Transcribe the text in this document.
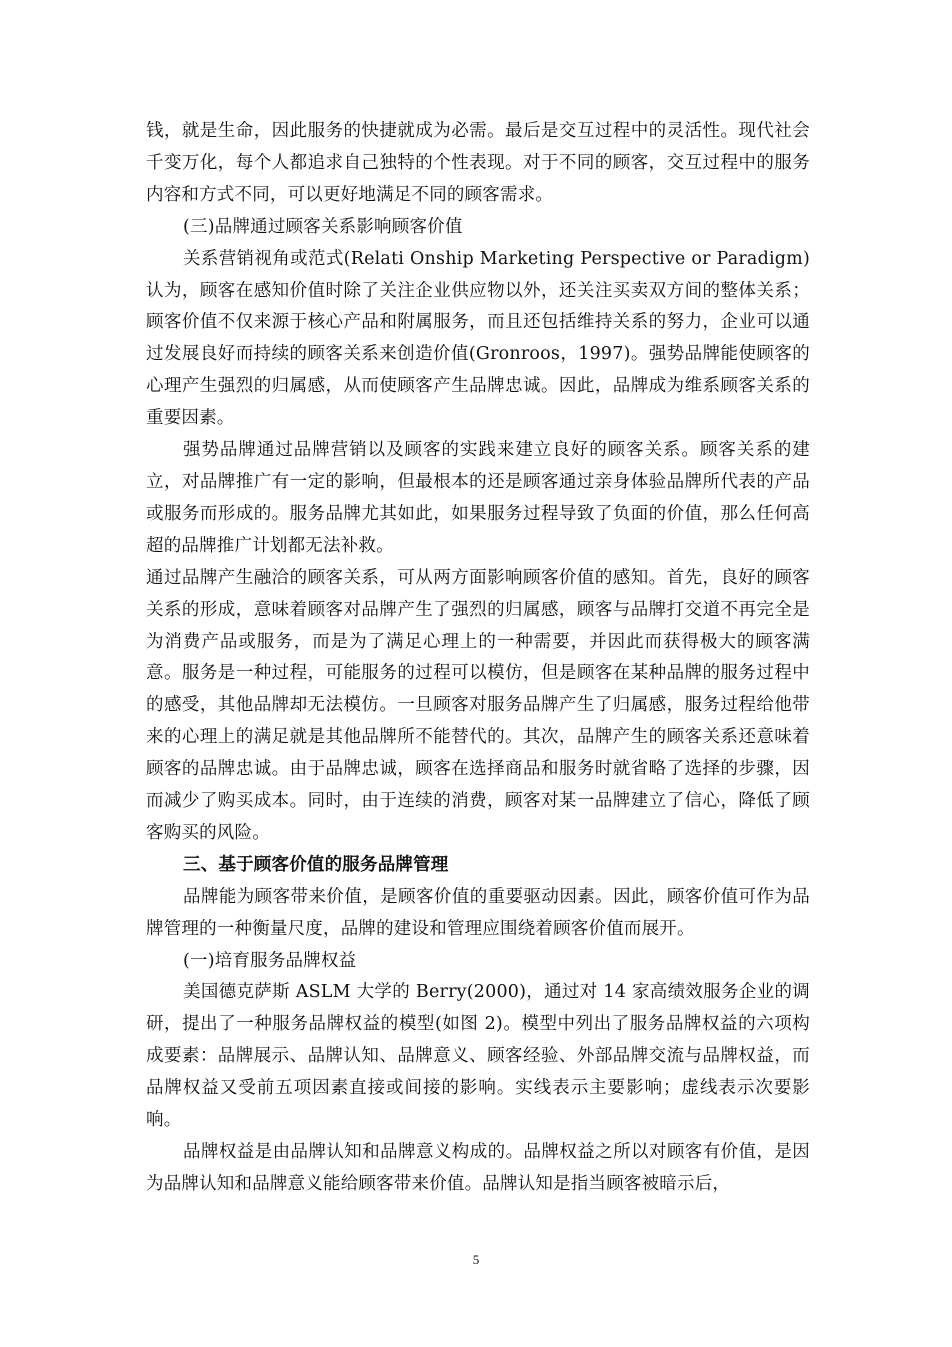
钱，就是生命，因此服务的快捷就成为必需。最后是交互过程中的灵活性。现代社会千变万化，每个人都追求自己独特的个性表现。对于不同的顾客，交互过程中的服务内容和方式不同，可以更好地满足不同的顾客需求。

(三)品牌通过顾客关系影响顾客价值

关系营销视角或范式(Relati Onship Marketing Perspective or Paradigm)认为，顾客在感知价值时除了关注企业供应物以外，还关注买卖双方间的整体关系；顾客价值不仅来源于核心产品和附属服务，而且还包括维持关系的努力，企业可以通过发展良好而持续的顾客关系来创造价值(Gronroos，1997)。强势品牌能使顾客的心理产生强烈的归属感，从而使顾客产生品牌忠诚。因此，品牌成为维系顾客关系的重要因素。

强势品牌通过品牌营销以及顾客的实践来建立良好的顾客关系。顾客关系的建立，对品牌推广有一定的影响，但最根本的还是顾客通过亲身体验品牌所代表的产品或服务而形成的。服务品牌尤其如此，如果服务过程导致了负面的价值，那么任何高超的品牌推广计划都无法补救。

通过品牌产生融洽的顾客关系，可从两方面影响顾客价值的感知。首先，良好的顾客关系的形成，意味着顾客对品牌产生了强烈的归属感，顾客与品牌打交道不再完全是为消费产品或服务，而是为了满足心理上的一种需要，并因此而获得极大的顾客满意。服务是一种过程，可能服务的过程可以模仿，但是顾客在某种品牌的服务过程中的感受，其他品牌却无法模仿。一旦顾客对服务品牌产生了归属感，服务过程给他带来的心理上的满足就是其他品牌所不能替代的。其次，品牌产生的顾客关系还意味着顾客的品牌忠诚。由于品牌忠诚，顾客在选择商品和服务时就省略了选择的步骤，因而减少了购买成本。同时，由于连续的消费，顾客对某一品牌建立了信心，降低了顾客购买的风险。

三、基于顾客价值的服务品牌管理

品牌能为顾客带来价值，是顾客价值的重要驱动因素。因此，顾客价值可作为品牌管理的一种衡量尺度，品牌的建设和管理应围绕着顾客价值而展开。

(一)培育服务品牌权益

美国德克萨斯 ASLM 大学的 Berry(2000)，通过对 14 家高绩效服务企业的调研，提出了一种服务品牌权益的模型(如图 2)。模型中列出了服务品牌权益的六项构成要素：品牌展示、品牌认知、品牌意义、顾客经验、外部品牌交流与品牌权益，而品牌权益又受前五项因素直接或间接的影响。实线表示主要影响；虚线表示次要影响。

品牌权益是由品牌认知和品牌意义构成的。品牌权益之所以对顾客有价值，是因为品牌认知和品牌意义能给顾客带来价值。品牌认知是指当顾客被暗示后，

5
